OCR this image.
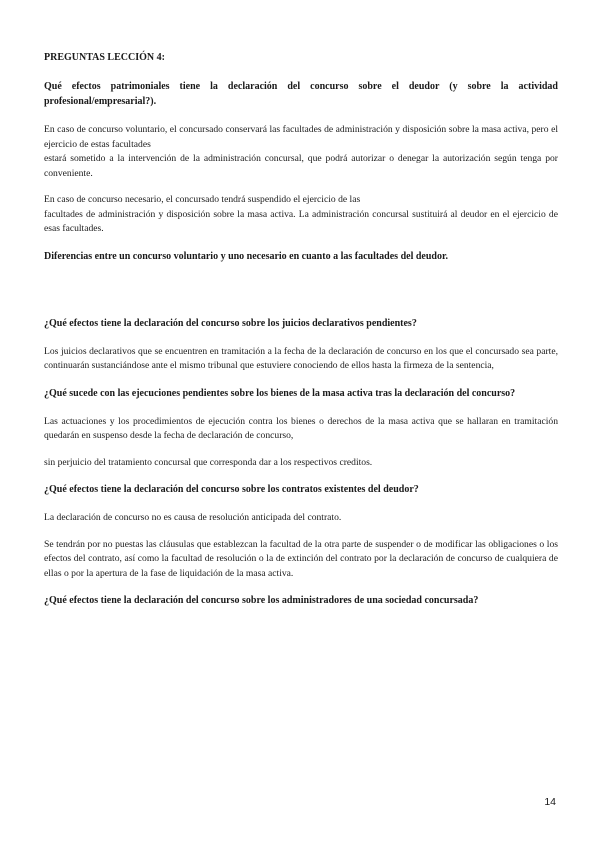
PREGUNTAS LECCIÓN 4:
Qué efectos patrimoniales tiene la declaración del concurso sobre el deudor (y sobre la actividad profesional/empresarial?).

En caso de concurso voluntario, el concursado conservará las facultades de administración y disposición sobre la masa activa, pero el ejercicio de estas facultades
estará sometido a la intervención de la administración concursal, que podrá autorizar o denegar la autorización según tenga por conveniente.

En caso de concurso necesario, el concursado tendrá suspendido el ejercicio de las
facultades de administración y disposición sobre la masa activa. La administración concursal sustituirá al deudor en el ejercicio de esas facultades.

Diferencias entre un concurso voluntario y uno necesario en cuanto a las facultades del deudor.
¿Qué efectos tiene la declaración del concurso sobre los juicios declarativos pendientes?

Los juicios declarativos que se encuentren en tramitación a la fecha de la declaración de concurso en los que el concursado sea parte, continuarán sustanciándose ante el mismo tribunal que estuviere conociendo de ellos hasta la firmeza de la sentencia,

¿Qué sucede con las ejecuciones pendientes sobre los bienes de la masa activa tras la declaración del concurso?

Las actuaciones y los procedimientos de ejecución contra los bienes o derechos de la masa activa que se hallaran en tramitación quedarán en suspenso desde la fecha de declaración de concurso,

sin perjuicio del tratamiento concursal que corresponda dar a los respectivos creditos.

¿Qué efectos tiene la declaración del concurso sobre los contratos existentes del deudor?

La declaración de concurso no es causa de resolución anticipada del contrato.

Se tendrán por no puestas las cláusulas que establezcan la facultad de la otra parte de suspender o de modificar las obligaciones o los efectos del contrato, así como la facultad de resolución o la de extinción del contrato por la declaración de concurso de cualquiera de ellas o por la apertura de la fase de liquidación de la masa activa.

¿Qué efectos tiene la declaración del concurso sobre los administradores de una sociedad concursada?
14
